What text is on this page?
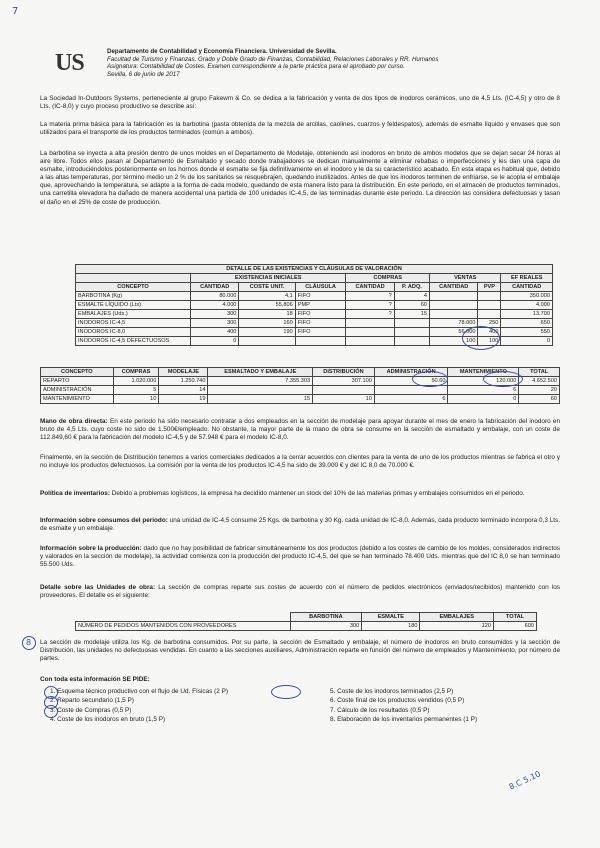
7
US	Departamento de Contabilidad y Economía Financiera. Universidad de Sevilla.
Facultad de Turismo y Finanzas. Grado y Doble Grado de Finanzas, Contabilidad, Relaciones Laborales y RR. Humanos
Asignatura: Contabilidad de Costes. Examen correspondiente a la parte práctica para el aprobado por curso.
Sevilla, 6 de junio de 2017
La Sociedad In-Outdoors Systems, perteneciente al grupo Fakewm & Co. se dedica a la fabricación y venta de dos tipos de inodoros cerámicos, uno de 4,5 Lts. (IC-4,5) y otro de 8 Lts. (IC-8,0) y cuyo proceso productivo se describe así:
La materia prima básica para la fabricación es la barbotina (pasta obtenida de la mezcla de arcillas, caolines, cuarzos y feldespatos), además de esmalte líquido y envases que son utilizados para el transporte de los productos terminados (común a ambos).
La barbotina se inyecta a alta presión dentro de unos moldes en el Departamento de Modelaje, obteniendo así inodoros en bruto de ambos modelos que se dejan secar 24 horas al aire libre. Todos ellos pasan al Departamento de Esmaltado y secado donde trabajadores se dedican manualmente a eliminar rebabas o imperfecciones y les dan una capa de esmalte, introduciéndolos posteriormente en los hornos donde el esmalte se fija definitivamente en el inodoro y le da su característico acabado. En esta etapa es habitual que, debido a las altas temperaturas, por término medio un 2 % de los sanitarios se resquebrajen, quedando inutilizados. Antes de que los inodoros terminen de enfriarse, se le acopla el embalaje que, aprovechando la temperatura, se adapte a la forma de cada modelo, quedando de esta manera listo para la distribución. En este periodo, en el almacén de productos terminados, una carretilla elevadora ha dañado de manera accidental una partida de 100 unidades IC-4,5, de las terminadas durante este periodo. La dirección las considera defectuosas y tasan el daño en el 25% de coste de producción.
DETALLE DE LAS EXISTENCIAS Y CLÁUSULAS DE VALORACIÓN								
	EXISTENCIAS INICIALES			COMPRAS		VENTAS		EF REALES
CONCEPTO	CANTIDAD	COSTE UNIT.	CLÁUSULA	CANTIDAD	P. ADQ.	CANTIDAD	PVP	CANTIDAD
BARBOTINA (Kg)	80.000	4,1	FIFO	?	4			350.000
ESMALTE LÍQUIDO (Lts)	4.000	55,806	PMP	?	60			4.000
EMBALAJES (Uds.)	300	18	FIFO	?	15			13.700
INODOROS IC-4,5	300	160	FIFO			78.000	250	650
INODOROS IC-8,0	400	190	FIFO			56.000	400	550
INODOROS IC-4,5 DEFECTUOSOS	0					100	100	0
CONCEPTO	COMPRAS	MODELAJE	ESMALTADO Y EMBALAJE	DISTRIBUCIÓN	ADMINISTRACIÓN	MANTENIMIENTO	TOTAL
REPARTO	1.020.000	1.250.740	7.355.303	307.100	50.60	120.000	4.652.500
ADMINISTRACIÓN	5	14				6	20
MANTENIMIENTO	10	19	15	10	6	0	60
Mano de obra directa: En este periodo ha sido necesario contratar a dos empleados en la sección de modelaje para apoyar durante el mes de enero la fabricación del inodoro en bruto de 4,5 Lts. cuyo coste no sido de 1.500€/empleado. No obstante, la mayor parte de la mano de obra se consume en la sección de esmaltado y embalaje, con un coste de 112.849,60 € para la fabricación del modelo IC-4,5 y de 57.948 € para el modelo IC-8,0.
Finalmente, en la sección de Distribución tenemos a varios comerciales dedicados a la cerrar acuerdos con clientes para la venta de uno de los productos mientras se fabrica el otro y no incluye los productos defectuosos. La comisión por la venta de los productos IC-4,5 ha sido de 39.000 € y del IC 8,0 de 70.000 €.
Política de inventarios: Debido a problemas logísticos, la empresa ha decidido mantener un stock del 10% de las materias primas y embalajes consumidos en el periodo.
Información sobre consumos del periodo: una unidad de IC-4,5 consume 25 Kgs. de barbotina y 30 Kg. cada unidad de IC-8,0. Además, cada producto terminado incorpora 0,3 Lts. de esmalte y un embalaje.
Información sobre la producción: dado que no hay posibilidad de fabricar simultáneamente los dos productos (debido a los costes de cambio de los moldes, considerados indirectos y valorados en la sección de modelaje), la actividad comienza con la producción del producto IC-4,5, del que se han terminado 78.400 Uds. mientras que del IC 8,0 se han terminado 55.500 Uds.
Detalle sobre las Unidades de obra: La sección de compras reparte sus costes de acuerdo con el número de pedidos electrónicos (enviados/recibidos) mantenido con los proveedores. El detalle es el siguiente:
	BARBOTINA	ESMALTE	EMBALAJES	TOTAL
NÚMERO DE PEDIDOS MANTENIDOS CON PROVEEDORES	300	180	120	600
8 La sección de modelaje utiliza los Kg. de barbotina consumidos. Por su parte, la sección de Esmaltado y embalaje, el número de inodoros en bruto consumidos y la sección de Distribución, las unidades no defectuosas vendidas. En cuanto a las secciones auxiliares, Administración reparte en función del número de empleados y Mantenimiento, por número de partes.
Con toda esta información SE PIDE:
1. Esquema técnico productivo con el flujo de Ud. Físicas (2 P)
2. Reparto secundario (1,5 P)
3. Coste de Compras (0,5 P)
4. Coste de los inodoros en bruto (1,5 P)
5. Coste de los inodoros terminados (2,5 P)
6. Coste final de los productos vendidos (0,5 P)
7. Cálculo de los resultados (0,5 P)
8. Elaboración de los inventarios permanentes (1 P)
8.C 5.10
